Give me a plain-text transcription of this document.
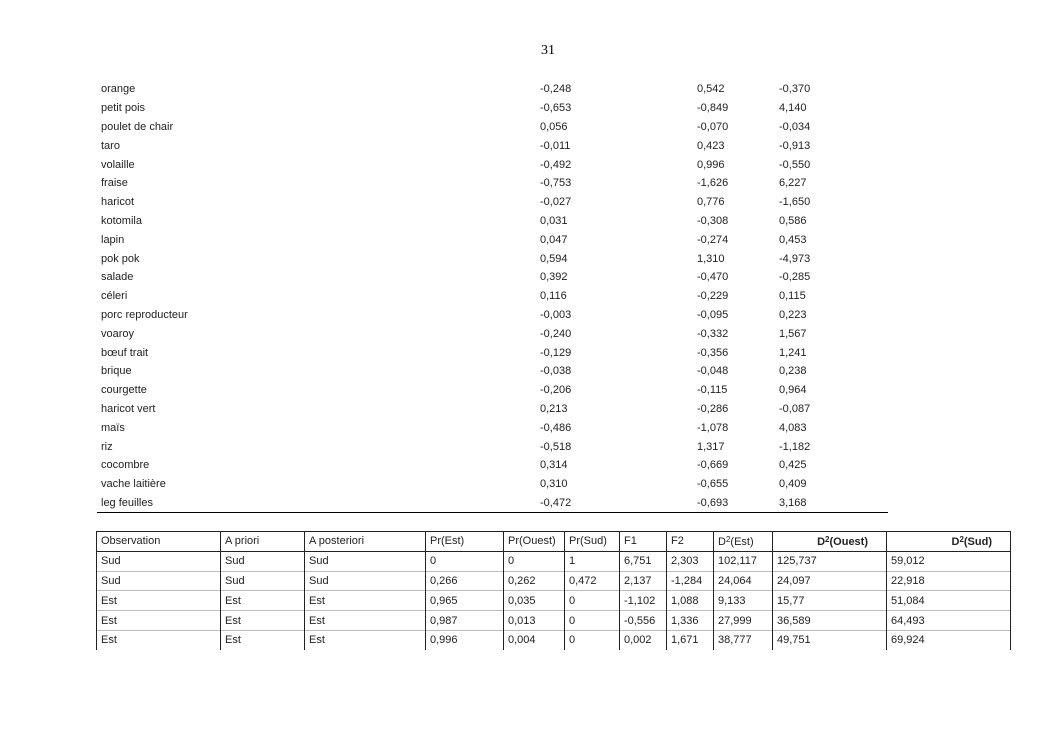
31
orange	-0,248	0,542	-0,370
petit pois	-0,653	-0,849	4,140
poulet de chair	0,056	-0,070	-0,034
taro	-0,011	0,423	-0,913
volaille	-0,492	0,996	-0,550
fraise	-0,753	-1,626	6,227
haricot	-0,027	0,776	-1,650
kotomila	0,031	-0,308	0,586
lapin	0,047	-0,274	0,453
pok pok	0,594	1,310	-4,973
salade	0,392	-0,470	-0,285
céleri	0,116	-0,229	0,115
porc reproducteur	-0,003	-0,095	0,223
voaroy	-0,240	-0,332	1,567
bœuf trait	-0,129	-0,356	1,241
brique	-0,038	-0,048	0,238
courgette	-0,206	-0,115	0,964
haricot vert	0,213	-0,286	-0,087
maïs	-0,486	-1,078	4,083
riz	-0,518	1,317	-1,182
cocombre	0,314	-0,669	0,425
vache laitière	0,310	-0,655	0,409
leg feuilles	-0,472	-0,693	3,168
Observation	A priori	A posteriori	Pr(Est)	Pr(Ouest)	Pr(Sud)	F1	F2	$D^2(Est)$	$D^2(Ouest)$	$D^2(Sud)$
Sud	Sud	Sud	0	0	1	6,751	2,303	102,117	125,737	59,012
Sud	Sud	Sud	0,266	0,262	0,472	2,137	-1,284	24,064	24,097	22,918
Est	Est	Est	0,965	0,035	0	-1,102	1,088	9,133	15,77	51,084
Est	Est	Est	0,987	0,013	0	-0,556	1,336	27,999	36,589	64,493
Est	Est	Est	0,996	0,004	0	0,002	1,671	38,777	49,751	69,924
